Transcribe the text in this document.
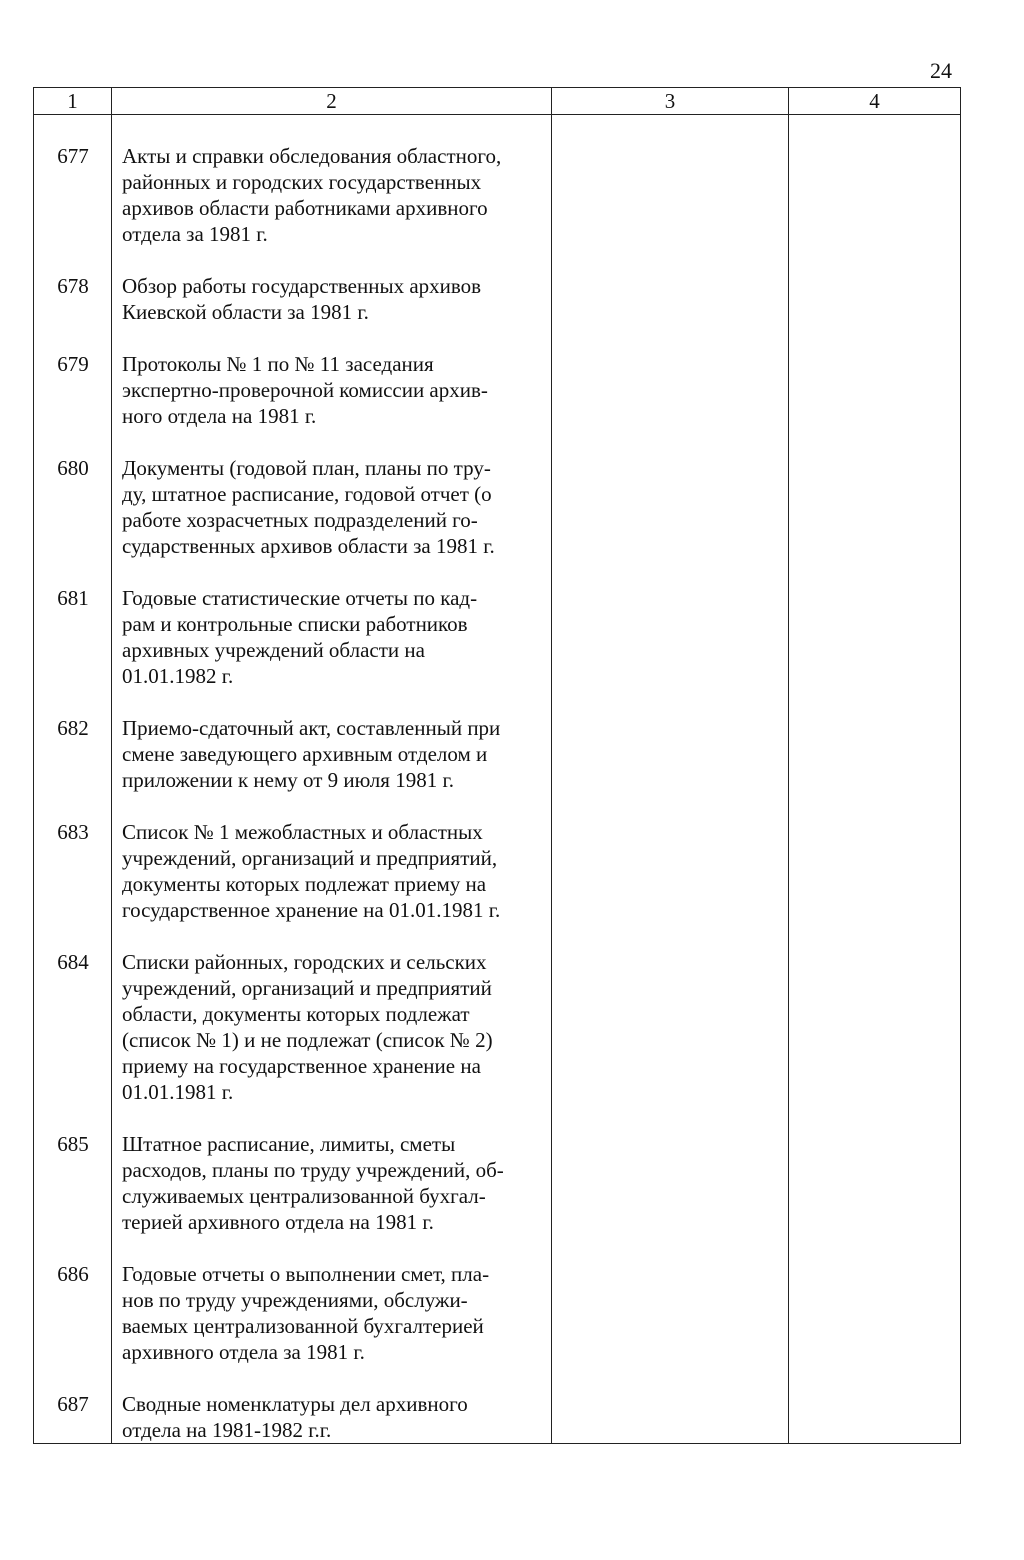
24
1	2	3	4
677	Акты и справки обследования областного,
районных и городских государственных
архивов области работниками архивного
отдела за 1981 г.
678	Обзор работы государственных архивов
Киевской области за 1981 г.
679	Протоколы № 1 по № 11 заседания
экспертно-проверочной комиссии архив-
ного отдела на 1981 г.
680	Документы (годовой план, планы по тру-
ду, штатное расписание, годовой отчет (о
работе хозрасчетных подразделений го-
сударственных архивов области за 1981 г.
681	Годовые статистические отчеты по кад-
рам и контрольные списки работников
архивных учреждений области на
01.01.1982 г.
682	Приемо-сдаточный акт, составленный при
смене заведующего архивным отделом и
приложении к нему от 9 июля 1981 г.
683	Список № 1 межобластных и областных
учреждений, организаций и предприятий,
документы которых подлежат приему на
государственное хранение на 01.01.1981 г.
684	Списки районных, городских и сельских
учреждений, организаций и предприятий
области, документы которых подлежат
(список № 1) и не подлежат (список № 2)
приему на государственное хранение на
01.01.1981 г.
685	Штатное расписание, лимиты, сметы
расходов, планы по труду учреждений, об-
служиваемых централизованной бухгал-
терией архивного отдела на 1981 г.
686	Годовые отчеты о выполнении смет, пла-
нов по труду учреждениями, обслужи-
ваемых централизованной бухгалтерией
архивного отдела за 1981 г.
687	Сводные номенклатуры дел архивного
отдела на 1981-1982 г.г.
